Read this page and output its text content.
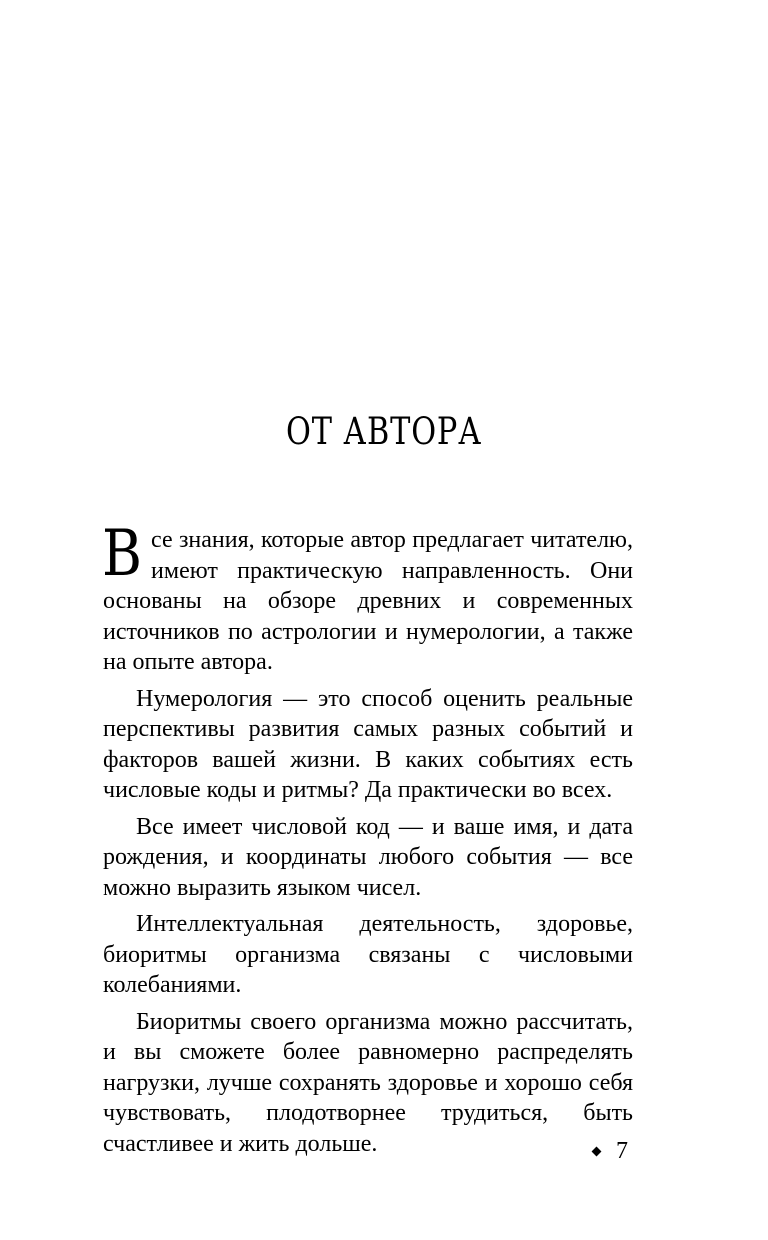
ОТ АВТОРА

Все знания, которые автор предлагает читателю, имеют практическую направленность. Они основаны на обзоре древних и современных источников по астрологии и нумерологии, а также на опыте автора.

Нумерология — это способ оценить реальные перспективы развития самых разных событий и факторов вашей жизни. В каких событиях есть числовые коды и ритмы? Да практически во всех.

Все имеет числовой код — и ваше имя, и дата рождения, и координаты любого события — все можно выразить языком чисел.

Интеллектуальная деятельность, здоровье, биоритмы организма связаны с числовыми колебаниями.

Биоритмы своего организма можно рассчитать, и вы сможете более равномерно распределять нагрузки, лучше сохранять здоровье и хорошо себя чувствовать, плодотворнее трудиться, быть счастливее и жить дольше.	7
